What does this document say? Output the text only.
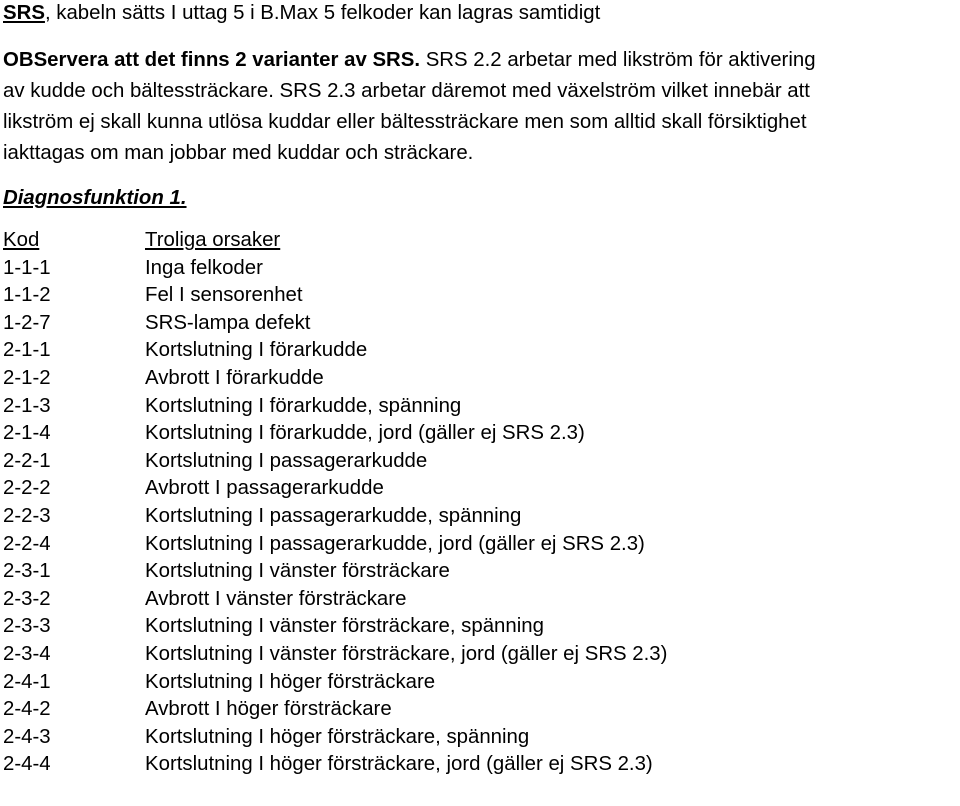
SRS, kabeln sätts I uttag 5 i B.Max 5 felkoder kan lagras samtidigt
OBServera att det finns 2 varianter av SRS. SRS 2.2 arbetar med likström för aktivering
av kudde och bältessträckare. SRS 2.3 arbetar däremot med växelström vilket innebär att
likström ej skall kunna utlösa kuddar eller bältessträckare men som alltid skall försiktighet
iakttagas om man jobbar med kuddar och sträckare.
Diagnosfunktion 1.
Kod	Troliga orsaker
1-1-1	Inga felkoder
1-1-2	Fel I sensorenhet
1-2-7	SRS-lampa defekt
2-1-1	Kortslutning I förarkudde
2-1-2	Avbrott I förarkudde
2-1-3	Kortslutning I förarkudde, spänning
2-1-4	Kortslutning I förarkudde, jord (gäller ej SRS 2.3)
2-2-1	Kortslutning I passagerarkudde
2-2-2	Avbrott I passagerarkudde
2-2-3	Kortslutning I passagerarkudde, spänning
2-2-4	Kortslutning I passagerarkudde, jord (gäller ej SRS 2.3)
2-3-1	Kortslutning I vänster försträckare
2-3-2	Avbrott I vänster försträckare
2-3-3	Kortslutning I vänster försträckare, spänning
2-3-4	Kortslutning I vänster försträckare, jord (gäller ej SRS 2.3)
2-4-1	Kortslutning I höger försträckare
2-4-2	Avbrott I höger försträckare
2-4-3	Kortslutning I höger försträckare, spänning
2-4-4	Kortslutning I höger försträckare, jord (gäller ej SRS 2.3)
